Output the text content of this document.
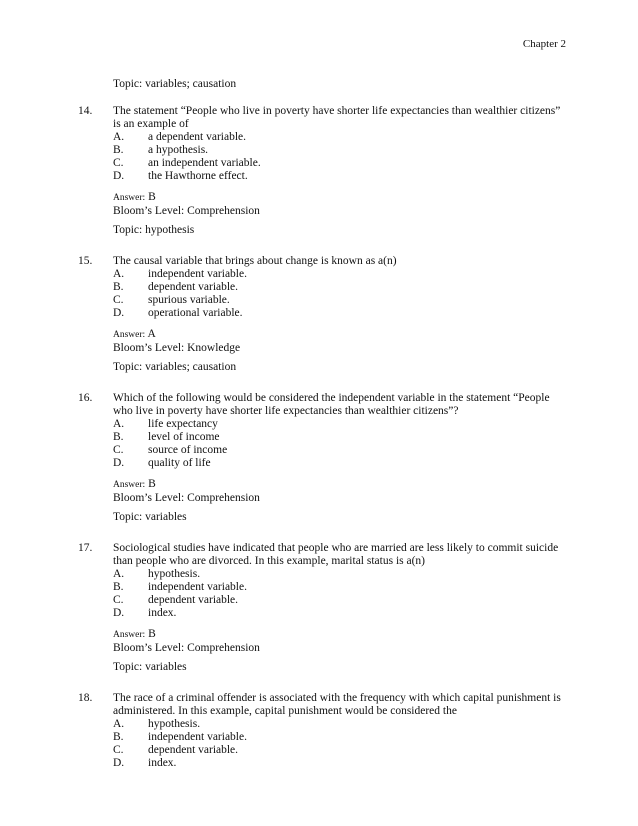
Chapter 2
Topic: variables; causation
14. The statement “People who live in poverty have shorter life expectancies than wealthier citizens” is an example of

A.	a dependent variable.
B.	a hypothesis.
C.	an independent variable.
D.	the Hawthorne effect.

Answer: B

Bloom’s Level: Comprehension

Topic: hypothesis

15. The causal variable that brings about change is known as a(n)

A.	independent variable.
B.	dependent variable.
C.	spurious variable.
D.	operational variable.

Answer: A

Bloom’s Level: Knowledge

Topic: variables; causation

16. Which of the following would be considered the independent variable in the statement “People who live in poverty have shorter life expectancies than wealthier citizens”?

A.	life expectancy
B.	level of income
C.	source of income
D.	quality of life

Answer: B

Bloom’s Level: Comprehension

Topic: variables

17. Sociological studies have indicated that people who are married are less likely to commit suicide than people who are divorced. In this example, marital status is a(n)

A.	hypothesis.
B.	independent variable.
C.	dependent variable.
D.	index.

Answer: B

Bloom’s Level: Comprehension

Topic: variables

18. The race of a criminal offender is associated with the frequency with which capital punishment is administered. In this example, capital punishment would be considered the

A.	hypothesis.
B.	independent variable.
C.	dependent variable.
D.	index.
